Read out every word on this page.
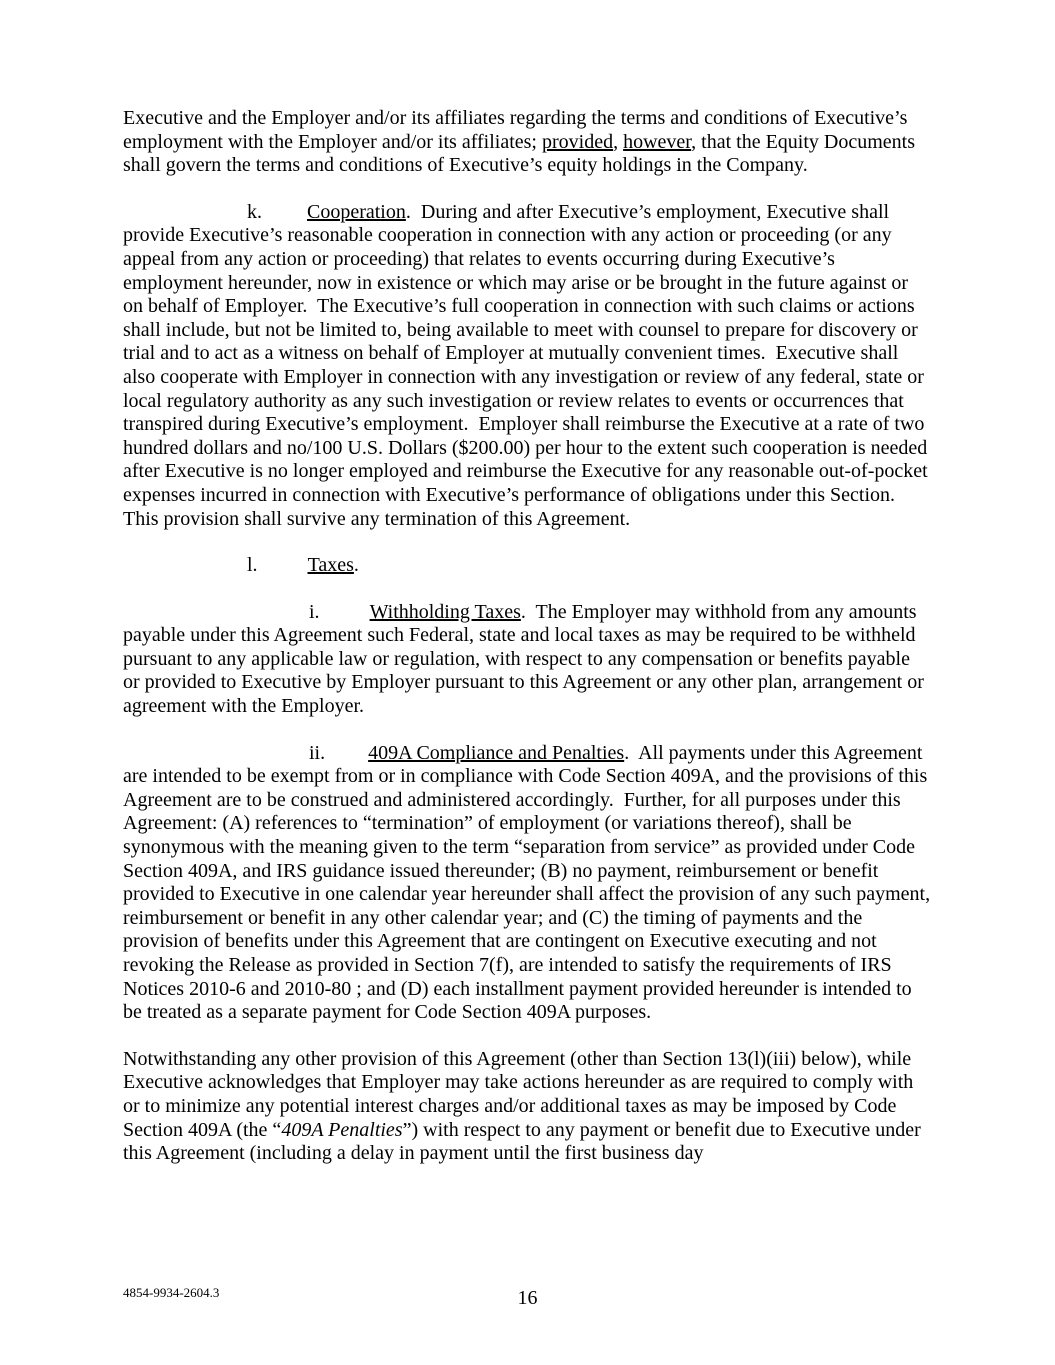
Executive and the Employer and/or its affiliates regarding the terms and conditions of Executive’s employment with the Employer and/or its affiliates; provided, however, that the Equity Documents shall govern the terms and conditions of Executive’s equity holdings in the Company.
k. Cooperation.  During and after Executive’s employment, Executive shall provide Executive’s reasonable cooperation in connection with any action or proceeding (or any appeal from any action or proceeding) that relates to events occurring during Executive’s employment hereunder, now in existence or which may arise or be brought in the future against or on behalf of Employer.  The Executive’s full cooperation in connection with such claims or actions shall include, but not be limited to, being available to meet with counsel to prepare for discovery or trial and to act as a witness on behalf of Employer at mutually convenient times.  Executive shall also cooperate with Employer in connection with any investigation or review of any federal, state or local regulatory authority as any such investigation or review relates to events or occurrences that transpired during Executive’s employment.  Employer shall reimburse the Executive at a rate of two hundred dollars and no/100 U.S. Dollars ($200.00) per hour to the extent such cooperation is needed after Executive is no longer employed and reimburse the Executive for any reasonable out-of-pocket expenses incurred in connection with Executive’s performance of obligations under this Section.  This provision shall survive any termination of this Agreement.
l.	Taxes.
i.	Withholding Taxes.  The Employer may withhold from any amounts payable under this Agreement such Federal, state and local taxes as may be required to be withheld pursuant to any applicable law or regulation, with respect to any compensation or benefits payable or provided to Executive by Employer pursuant to this Agreement or any other plan, arrangement or agreement with the Employer.
ii. 409A Compliance and Penalties.  All payments under this Agreement are intended to be exempt from or in compliance with Code Section 409A, and the provisions of this Agreement are to be construed and administered accordingly.  Further, for all purposes under this Agreement: (A) references to “termination” of employment (or variations thereof), shall be synonymous with the meaning given to the term “separation from service” as provided under Code Section 409A, and IRS guidance issued thereunder; (B) no payment, reimbursement or benefit provided to Executive in one calendar year hereunder shall affect the provision of any such payment, reimbursement or benefit in any other calendar year; and (C) the timing of payments and the provision of benefits under this Agreement that are contingent on Executive executing and not revoking the Release as provided in Section 7(f), are intended to satisfy the requirements of IRS Notices 2010-6 and 2010-80 ; and (D) each installment payment provided hereunder is intended to be treated as a separate payment for Code Section 409A purposes.
Notwithstanding any other provision of this Agreement (other than Section 13(l)(iii) below), while Executive acknowledges that Employer may take actions hereunder as are required to comply with or to minimize any potential interest charges and/or additional taxes as may be imposed by Code Section 409A (the “409A Penalties”) with respect to any payment or benefit due to Executive under this Agreement (including a delay in payment until the first business day
4854-9934-2604.3	16
